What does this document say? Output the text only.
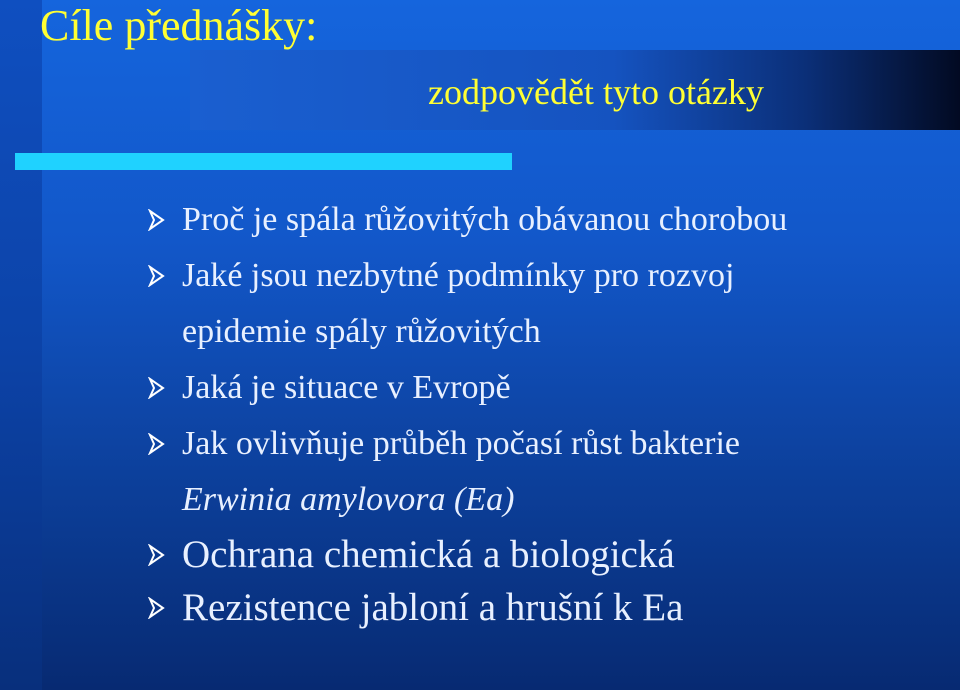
Cíle přednášky:
zodpovědět tyto otázky
Proč je spála růžovitých obávanou chorobou
Jaké jsou nezbytné podmínky pro rozvoj
epidemie spály růžovitých
Jaká je situace v Evropě
Jak ovlivňuje průběh počasí růst bakterie
Erwinia amylovora (Ea)
Ochrana chemická a biologická
Rezistence jabloní a hrušní k Ea
